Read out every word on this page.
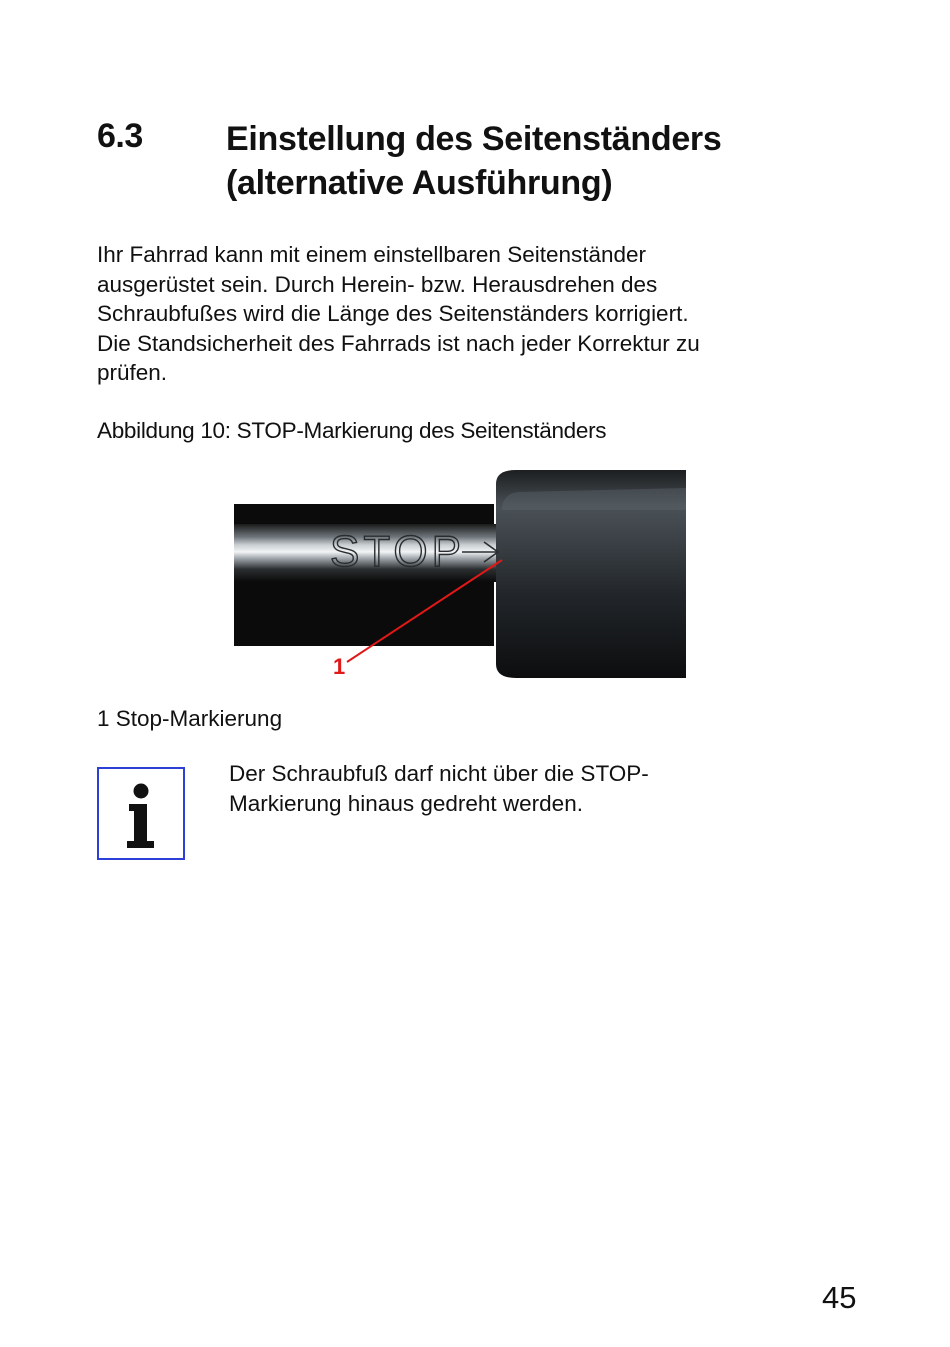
6.3 Einstellung des Seitenständers
(alternative Ausführung)
Ihr Fahrrad kann mit einem einstellbaren Seitenständer
ausgerüstet sein. Durch Herein- bzw. Herausdrehen des
Schraubfußes wird die Länge des Seitenständers korrigiert.
Die Standsicherheit des Fahrrads ist nach jeder Korrektur zu
prüfen.
Abbildung 10: STOP-Markierung des Seitenständers
STOP
1
1 Stop-Markierung
Der Schraubfuß darf nicht über die STOP-
Markierung hinaus gedreht werden.
45
